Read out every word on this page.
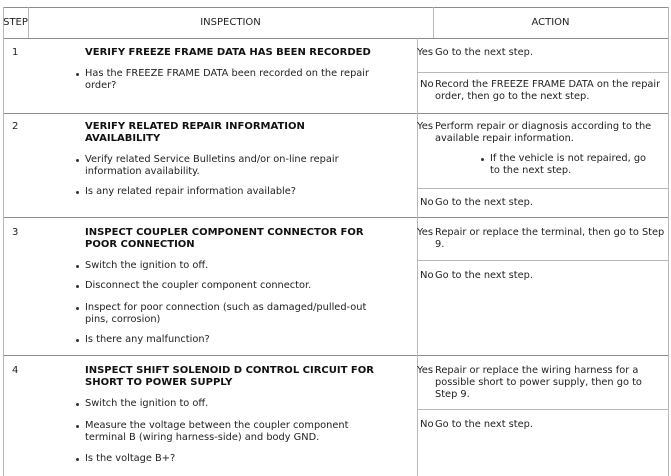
STEP	INSPECTION	ACTION
1	VERIFY FREEZE FRAME DATA HAS BEEN RECORDED
Has the FREEZE FRAME DATA been recorded on the repair order?
Yes Go to the next step.
No Record the FREEZE FRAME DATA on the repair order, then go to the next step.
2	VERIFY RELATED REPAIR INFORMATION AVAILABILITY
Verify related Service Bulletins and/or on-line repair information availability.
Is any related repair information available?
Yes Perform repair or diagnosis according to the available repair information.
If the vehicle is not repaired, go to the next step.
No Go to the next step.
3	INSPECT COUPLER COMPONENT CONNECTOR FOR POOR CONNECTION
Switch the ignition to off.
Disconnect the coupler component connector.
Inspect for poor connection (such as damaged/pulled-out pins, corrosion)
Is there any malfunction?
Yes Repair or replace the terminal, then go to Step 9.
No Go to the next step.
4	INSPECT SHIFT SOLENOID D CONTROL CIRCUIT FOR SHORT TO POWER SUPPLY
Switch the ignition to off.
Measure the voltage between the coupler component terminal B (wiring harness-side) and body GND.
Is the voltage B+?
Yes Repair or replace the wiring harness for a possible short to power supply, then go to Step 9.
No Go to the next step.
